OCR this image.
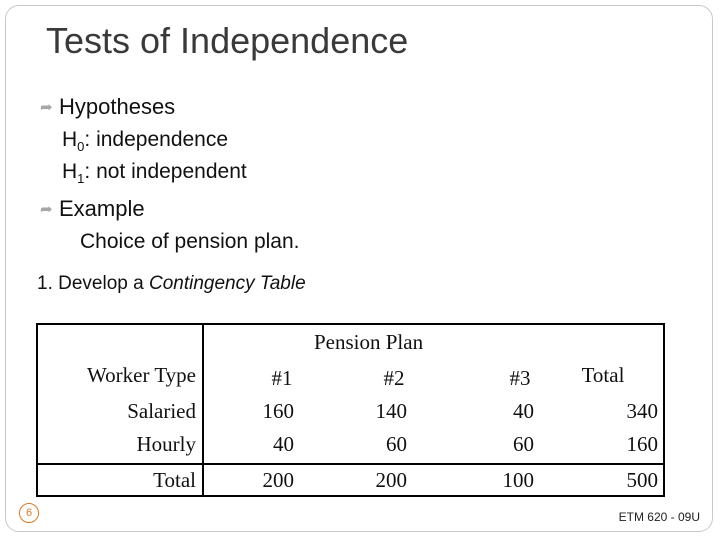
Tests of Independence
➦ Hypotheses
$H_0$: independence
$H_1$: not independent
➦ Example
Choice of pension plan.
1. Develop a Contingency Table
Pension Plan
Worker Type	#1	#2	#3	Total
Salaried	160	140	40	340
Hourly	40	60	60	160
Total	200	200	100	500
6	ETM 620 - 09U
